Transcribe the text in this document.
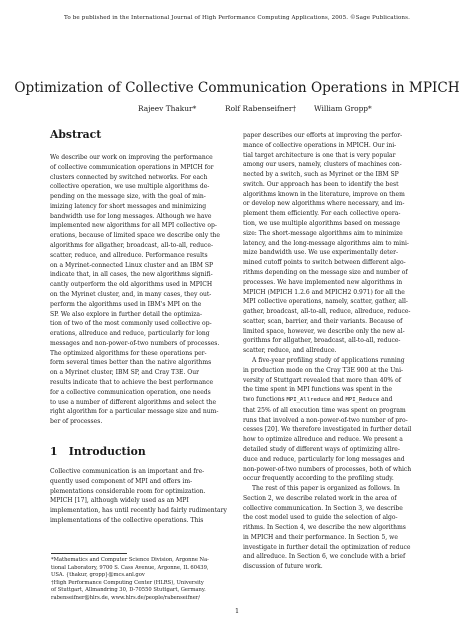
To be published in the International Journal of High Performance Computing Applications, 2005. ©Sage Publications.
Optimization of Collective Communication Operations in MPICH
Rajeev Thakur*	Rolf Rabenseifner† William Gropp*
Abstract
We describe our work on improving the performance
of collective communication operations in MPICH for
clusters connected by switched networks. For each
collective operation, we use multiple algorithms de-
pending on the message size, with the goal of min-
imizing latency for short messages and minimizing
bandwidth use for long messages. Although we have
implemented new algorithms for all MPI collective op-
erations, because of limited space we describe only the
algorithms for allgather, broadcast, all-to-all, reduce-
scatter, reduce, and allreduce. Performance results
on a Myrinet-connected Linux cluster and an IBM SP
indicate that, in all cases, the new algorithms signifi-
cantly outperform the old algorithms used in MPICH
on the Myrinet cluster, and, in many cases, they out-
perform the algorithms used in IBM's MPI on the
SP. We also explore in further detail the optimiza-
tion of two of the most commonly used collective op-
erations, allreduce and reduce, particularly for long
messages and non-power-of-two numbers of processes.
The optimized algorithms for these operations per-
form several times better than the native algorithms
on a Myrinet cluster, IBM SP, and Cray T3E. Our
results indicate that to achieve the best performance
for a collective communication operation, one needs
to use a number of different algorithms and select the
right algorithm for a particular message size and num-
ber of processes.
1 Introduction
Collective communication is an important and fre-
quently used component of MPI and offers im-
plementations considerable room for optimization.
MPICH [17], although widely used as an MPI
implementation, has until recently had fairly rudimentary
implementations of the collective operations. This
*Mathematics and Computer Science Division, Argonne Na-
tional Laboratory, 9700 S. Cass Avenue, Argonne, IL 60439,
USA. {thakur, gropp}@mcs.anl.gov
†High Performance Computing Center (HLRS), University
of Stuttgart, Allmandring 30, D-70550 Stuttgart, Germany.
rabenseifner@hlrs.de, www.hlrs.de/people/rabenseifner/
paper describes our efforts at improving the perfor-
mance of collective operations in MPICH. Our ini-
tial target architecture is one that is very popular
among our users, namely, clusters of machines con-
nected by a switch, such as Myrinet or the IBM SP
switch. Our approach has been to identify the best
algorithms known in the literature, improve on them
or develop new algorithms where necessary, and im-
plement them efficiently. For each collective opera-
tion, we use multiple algorithms based on message
size: The short-message algorithms aim to minimize
latency, and the long-message algorithms aim to mini-
mize bandwidth use. We use experimentally deter-
mined cutoff points to switch between different algo-
rithms depending on the message size and number of
processes. We have implemented new algorithms in
MPICH (MPICH 1.2.6 and MPICH2 0.971) for all the
MPI collective operations, namely, scatter, gather, all-
gather, broadcast, all-to-all, reduce, allreduce, reduce-
scatter, scan, barrier, and their variants. Because of
limited space, however, we describe only the new al-
gorithms for allgather, broadcast, all-to-all, reduce-
scatter, reduce, and allreduce.
A five-year profiling study of applications running
in production mode on the Cray T3E 900 at the Uni-
versity of Stuttgart revealed that more than 40% of
the time spent in MPI functions was spent in the
two functions MPI_Allreduce and MPI_Reduce and
that 25% of all execution time was spent on program
runs that involved a non-power-of-two number of pro-
cesses [20]. We therefore investigated in further detail
how to optimize allreduce and reduce. We present a
detailed study of different ways of optimizing allre-
duce and reduce, particularly for long messages and
non-power-of-two numbers of processes, both of which
occur frequently according to the profiling study.
The rest of this paper is organized as follows. In
Section 2, we describe related work in the area of
collective communication. In Section 3, we describe
the cost model used to guide the selection of algo-
rithms. In Section 4, we describe the new algorithms
in MPICH and their performance. In Section 5, we
investigate in further detail the optimization of reduce
and allreduce. In Section 6, we conclude with a brief
discussion of future work.
1
